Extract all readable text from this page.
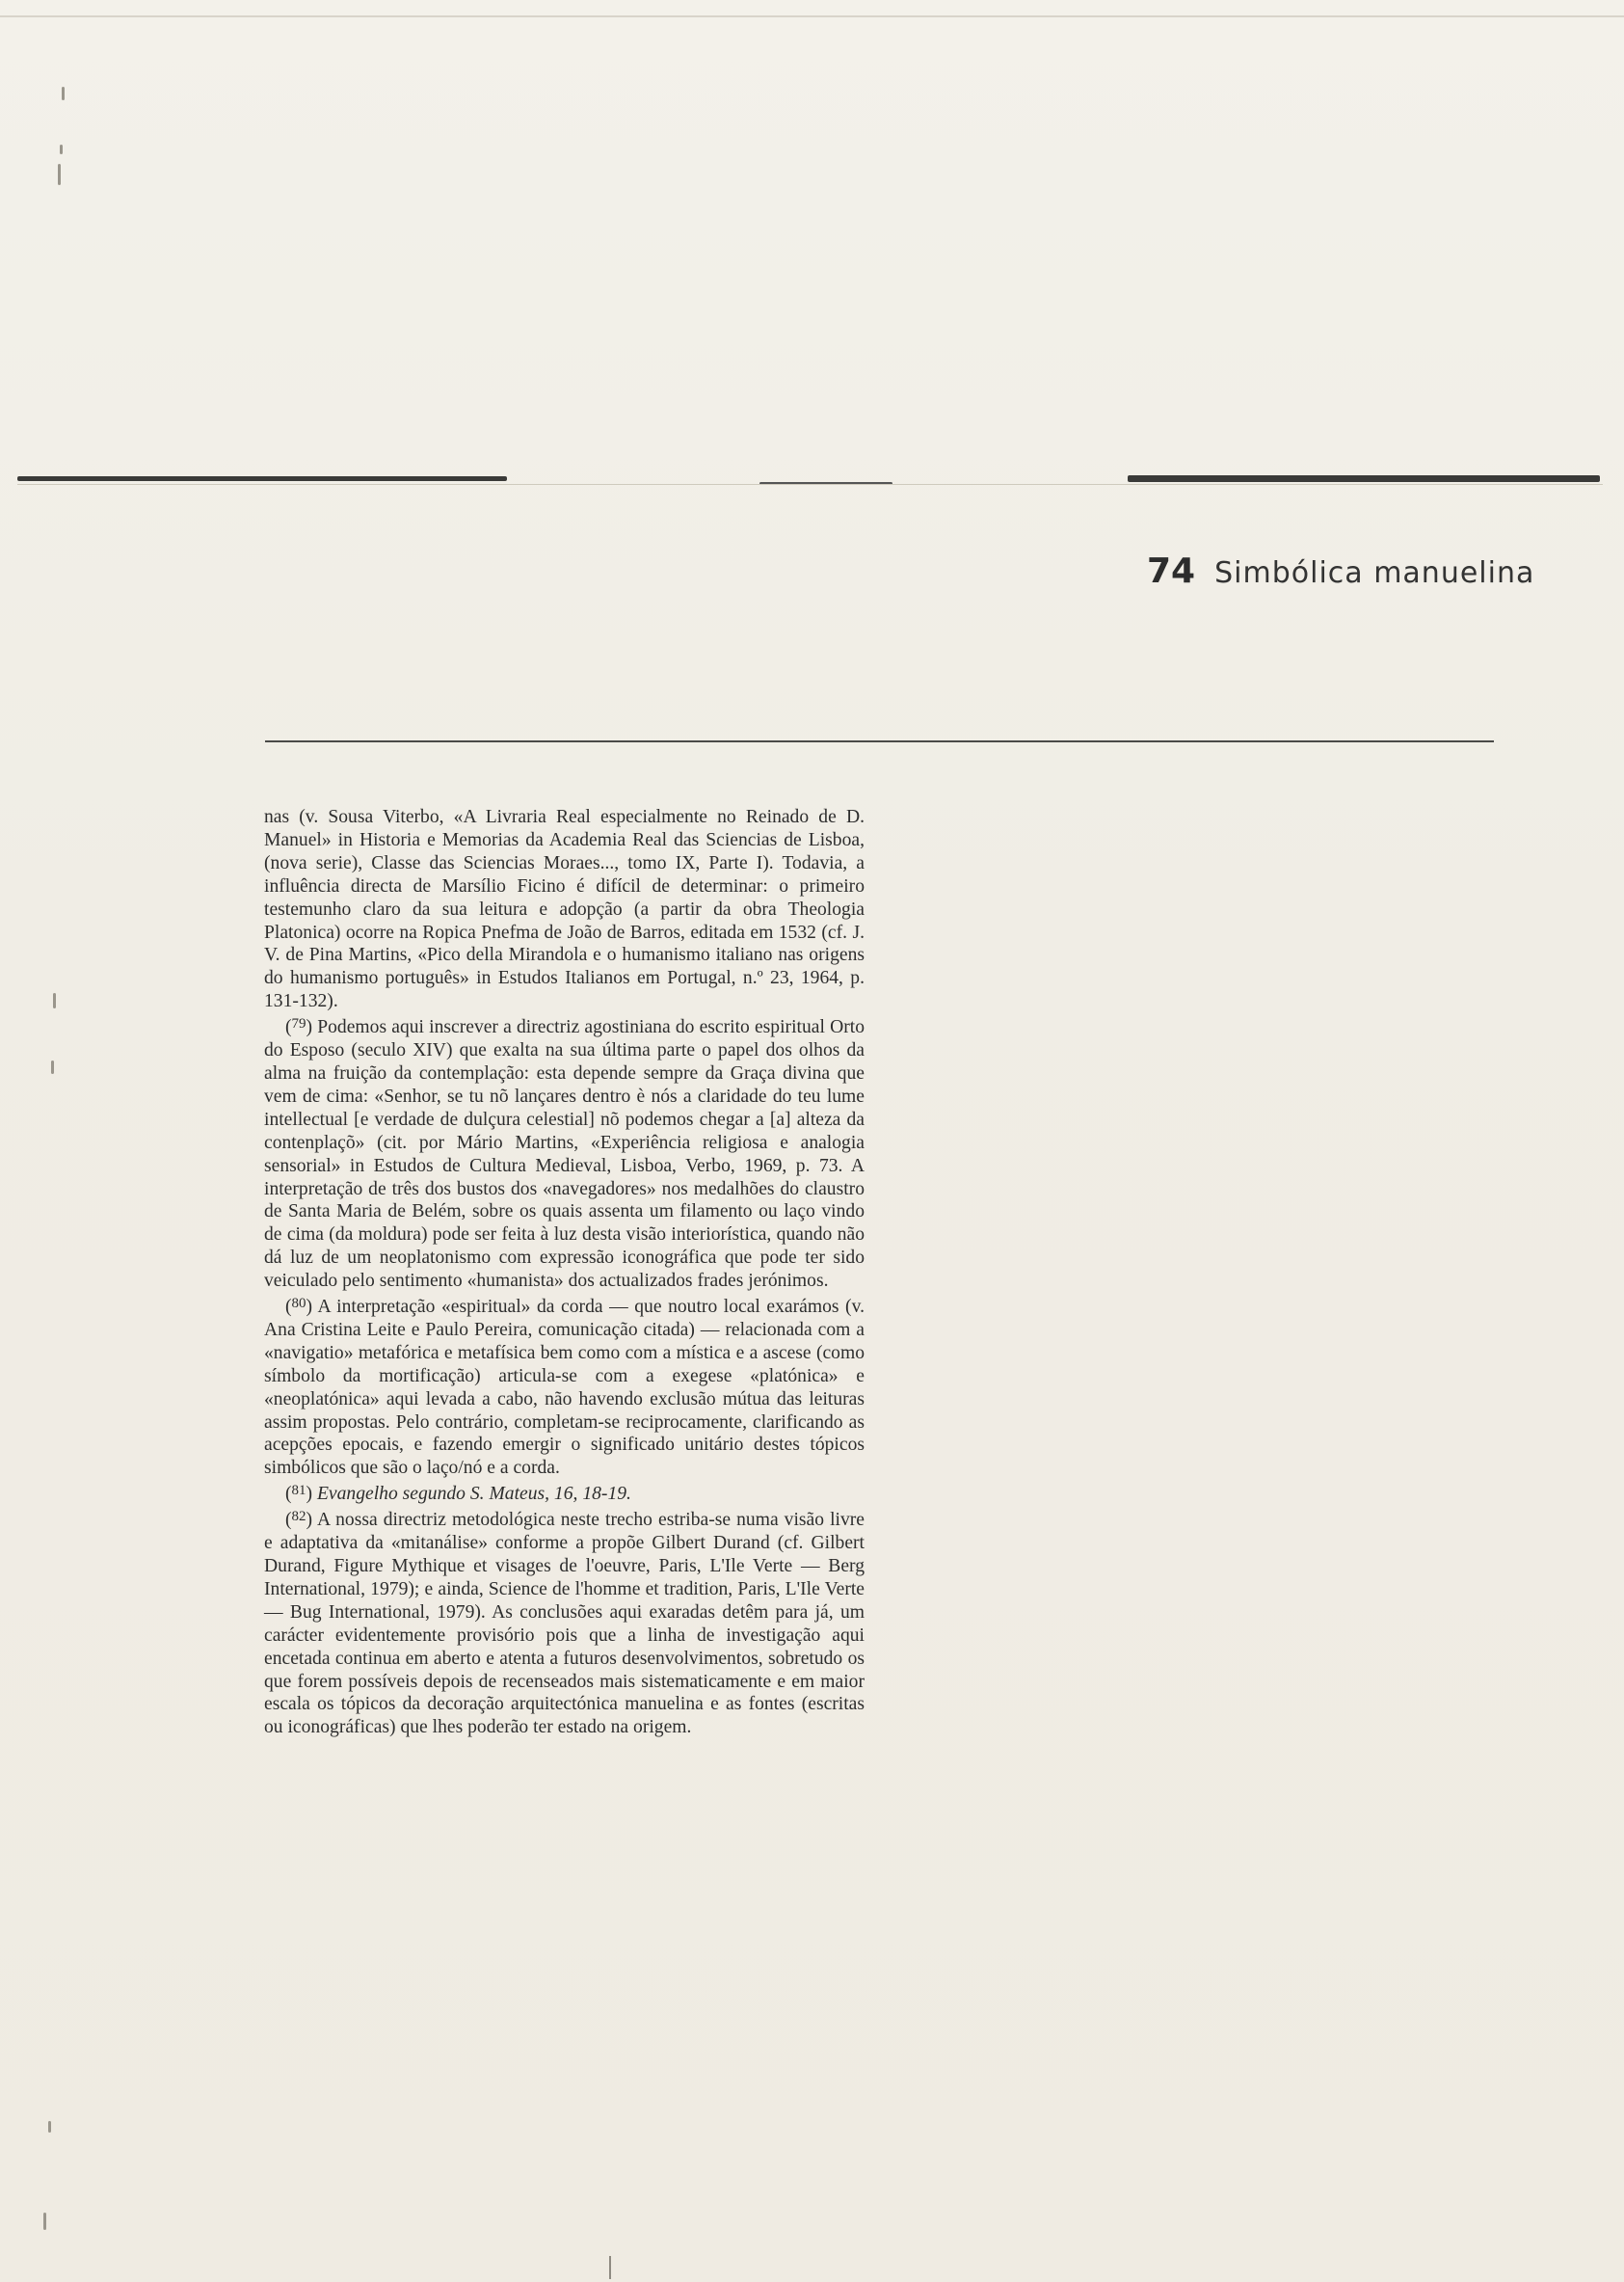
74 Simbólica manuelina

nas (v. Sousa Viterbo, «A Livraria Real especialmente no Reinado de D. Manuel» in Historia e Memorias da Academia Real das Sciencias de Lisboa, (nova serie), Classe das Sciencias Moraes..., tomo IX, Parte I). Todavia, a influência directa de Marsílio Ficino é difícil de determinar: o primeiro testemunho claro da sua leitura e adopção (a partir da obra Theologia Platonica) ocorre na Ropica Pnefma de João de Barros, editada em 1532 (cf. J. V. de Pina Martins, «Pico della Mirandola e o humanismo italiano nas origens do humanismo português» in Estudos Italianos em Portugal, n.º 23, 1964, p. 131-132).

($^{79}$) Podemos aqui inscrever a directriz agostiniana do escrito espiritual Orto do Esposo (seculo XIV) que exalta na sua última parte o papel dos olhos da alma na fruição da contemplação: esta depende sempre da Graça divina que vem de cima: «Senhor, se tu nõ lançares dentro è nós a claridade do teu lume intellectual [e verdade de dulçura celestial] nõ podemos chegar a [a] alteza da contenplaçõ» (cit. por Mário Martins, «Experiência religiosa e analogia sensorial» in Estudos de Cultura Medieval, Lisboa, Verbo, 1969, p. 73. A interpretação de três dos bustos dos «navegadores» nos medalhões do claustro de Santa Maria de Belém, sobre os quais assenta um filamento ou laço vindo de cima (da moldura) pode ser feita à luz desta visão interiorística, quando não dá luz de um neoplatonismo com expressão iconográfica que pode ter sido veiculado pelo sentimento «humanista» dos actualizados frades jerónimos.

($^{80}$) A interpretação «espiritual» da corda — que noutro local exarámos (v. Ana Cristina Leite e Paulo Pereira, comunicação citada) — relacionada com a «navigatio» metafórica e metafísica bem como com a mística e a ascese (como símbolo da mortificação) articula-se com a exegese «platónica» e «neoplatónica» aqui levada a cabo, não havendo exclusão mútua das leituras assim propostas. Pelo contrário, completam-se reciprocamente, clarificando as acepções epocais, e fazendo emergir o significado unitário destes tópicos simbólicos que são o laço/nó e a corda.

($^{81}$) Evangelho segundo S. Mateus, 16, 18-19.

($^{82}$) A nossa directriz metodológica neste trecho estriba-se numa visão livre e adaptativa da «mitanálise» conforme a propõe Gilbert Durand (cf. Gilbert Durand, Figure Mythique et visages de l'oeuvre, Paris, L'Ile Verte — Berg International, 1979); e ainda, Science de l'homme et tradition, Paris, L'Ile Verte — Bug International, 1979). As conclusões aqui exaradas detêm para já, um carácter evidentemente provisório pois que a linha de investigação aqui encetada continua em aberto e atenta a futuros desenvolvimentos, sobretudo os que forem possíveis depois de recenseados mais sistematicamente e em maior escala os tópicos da decoração arquitectónica manuelina e as fontes (escritas ou iconográficas) que lhes poderão ter estado na origem.
